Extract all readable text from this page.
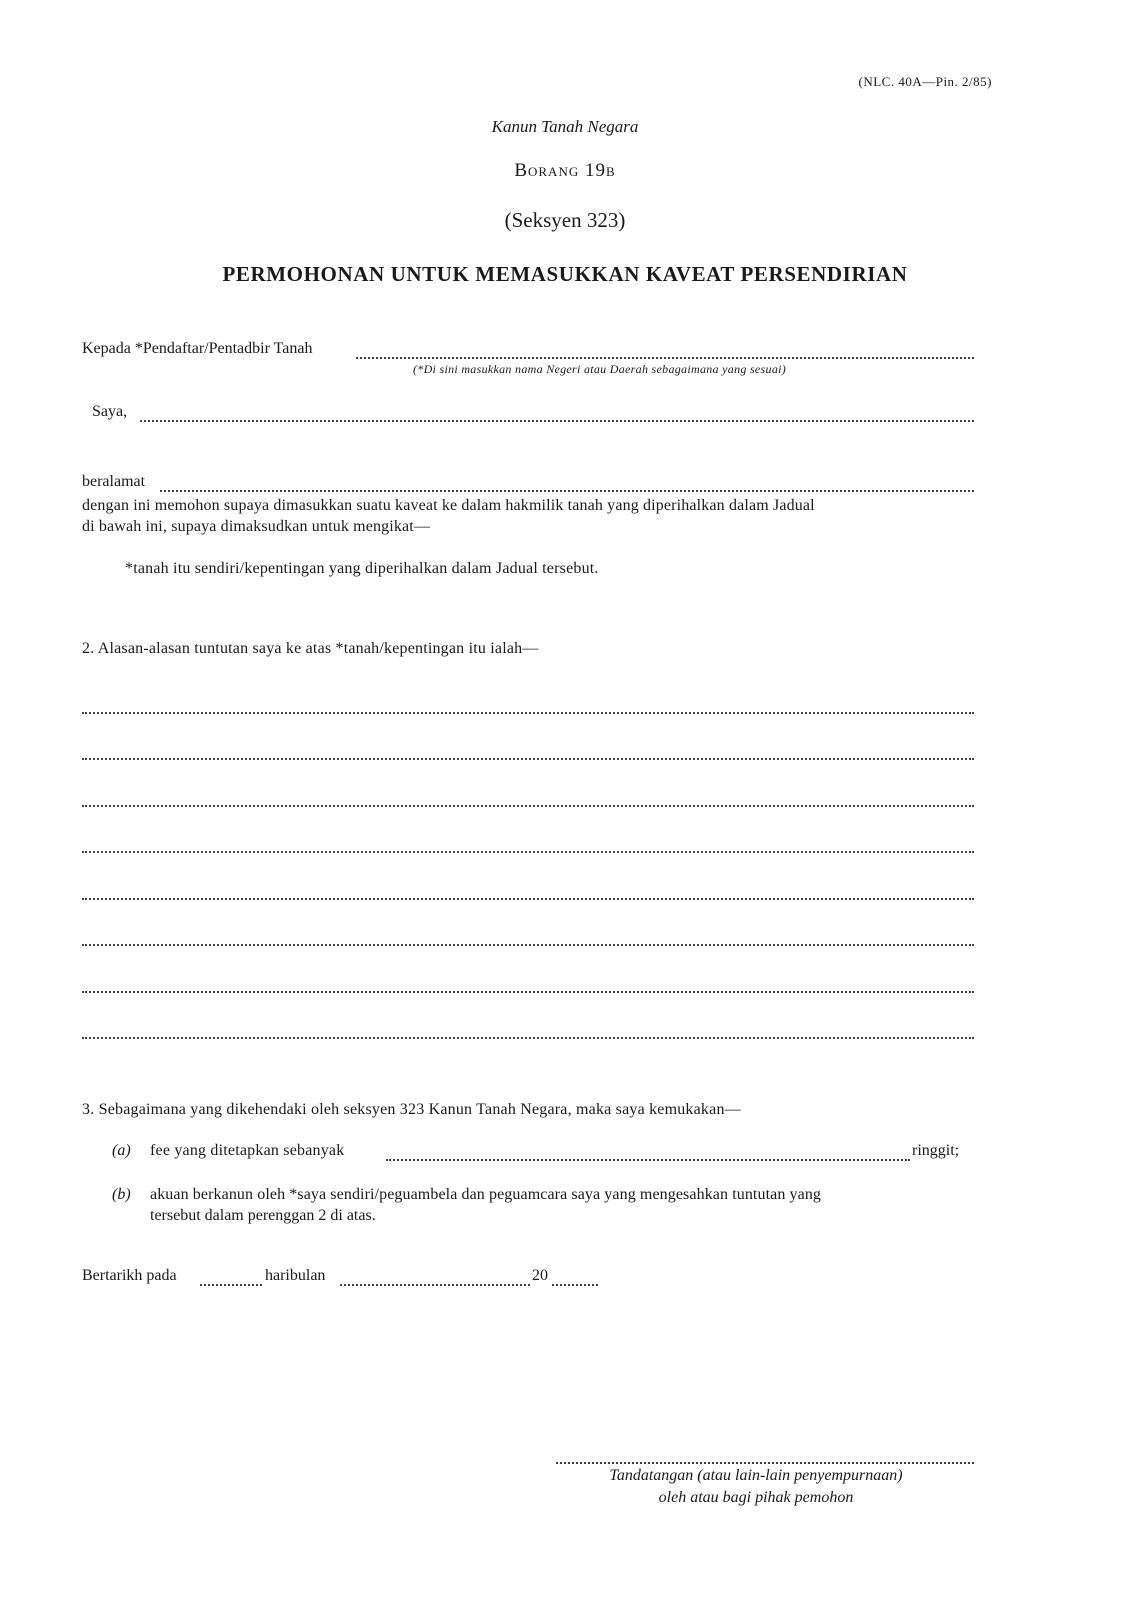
(NLC. 40A—Pin. 2/85)
Kanun Tanah Negara
Borang 19b
(Seksyen 323)
PERMOHONAN UNTUK MEMASUKKAN KAVEAT PERSENDIRIAN
Kepada *Pendaftar/Pentadbir Tanah
(*Di sini masukkan nama Negeri atau Daerah sebagaimana yang sesuai)
Saya,
beralamat
dengan ini memohon supaya dimasukkan suatu kaveat ke dalam hakmilik tanah yang diperihalkan dalam Jadual
di bawah ini, supaya dimaksudkan untuk mengikat—
*tanah itu sendiri/kepentingan yang diperihalkan dalam Jadual tersebut.
2. Alasan-alasan tuntutan saya ke atas *tanah/kepentingan itu ialah—
3. Sebagaimana yang dikehendaki oleh seksyen 323 Kanun Tanah Negara, maka saya kemukakan—
(a) fee yang ditetapkan sebanyak	ringgit;
(b) akuan berkanun oleh *saya sendiri/peguambela dan peguamcara saya yang mengesahkan tuntutan yang
tersebut dalam perenggan 2 di atas.
Bertarikh pada	haribulan	20
Tandatangan (atau lain-lain penyempurnaan)
oleh atau bagi pihak pemohon
